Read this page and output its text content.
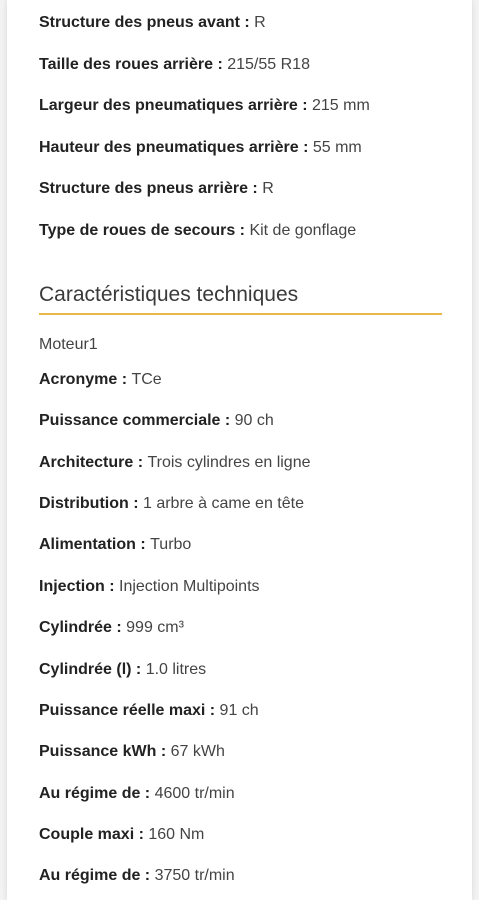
Structure des pneus avant : R
Taille des roues arrière : 215/55 R18
Largeur des pneumatiques arrière : 215 mm
Hauteur des pneumatiques arrière : 55 mm
Structure des pneus arrière : R
Type de roues de secours : Kit de gonflage
Caractéristiques techniques
Moteur1
Acronyme : TCe
Puissance commerciale : 90 ch
Architecture : Trois cylindres en ligne
Distribution : 1 arbre à came en tête
Alimentation : Turbo
Injection : Injection Multipoints
Cylindrée : 999 cm³
Cylindrée (l) : 1.0 litres
Puissance réelle maxi : 91 ch
Puissance kWh : 67 kWh
Au régime de : 4600 tr/min
Couple maxi : 160 Nm
Au régime de : 3750 tr/min
